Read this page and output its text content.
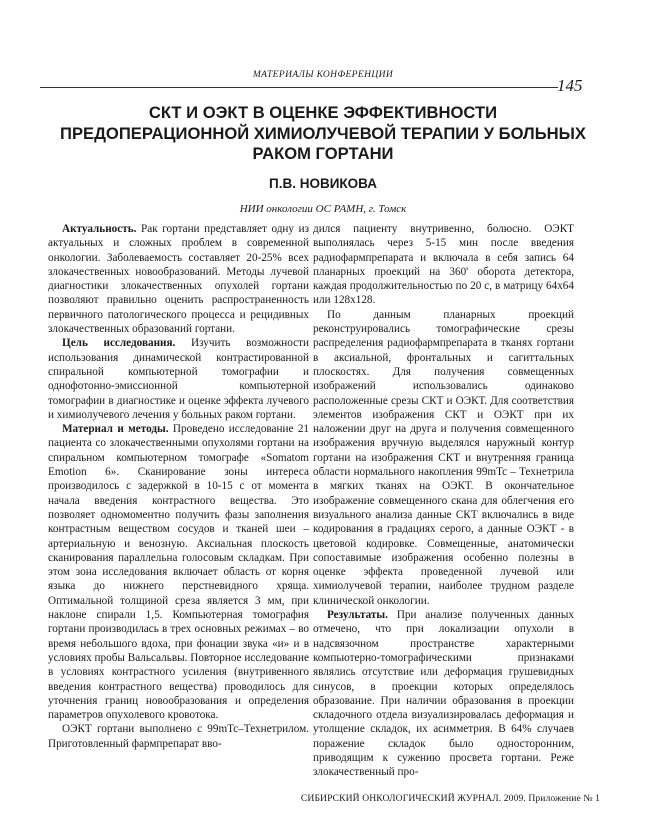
МАТЕРИАЛЫ КОНФЕРЕНЦИИ
145
СКТ И ОЭКТ В ОЦЕНКЕ ЭФФЕКТИВНОСТИ ПРЕДОПЕРАЦИОННОЙ ХИМИОЛУЧЕВОЙ ТЕРАПИИ У БОЛЬНЫХ РАКОМ ГОРТАНИ
П.В. НОВИКОВА
НИИ онкологии ОС РАМН, г. Томск

Актуальность. Рак гортани представляет одну из актуальных и сложных проблем в современной онкологии. Заболеваемость составляет 20-25% всех злокачественных новообразований. Методы лучевой диагностики злокачественных опухолей гортани позволяют правильно оценить распространенность первичного патологического процесса и рецидивных злокачественных образований гортани.

Цель исследования. Изучить возможности использования динамической контрастированной спиральной компьютерной томографии и однофотонно-эмиссионной компьютерной томографии в диагностике и оценке эффекта лучевого и химиолучевого лечения у больных раком гортани.

Материал и методы. Проведено исследование 21 пациента со злокачественными опухолями гортани на спиральном компьютерном томографе «Somatom Emotion 6». Сканирование зоны интереса производилось с задержкой в 10-15 с от момента начала введения контрастного вещества. Это позволяет одномоментно получить фазы заполнения контрастным веществом сосудов и тканей шеи – артериальную и венозную. Аксиальная плоскость сканирования параллельна голосовым складкам. При этом зона исследования включает область от корня языка до нижнего перстневидного хряща. Оптимальной толщиной среза является 3 мм, при наклоне спирали 1,5. Компьютерная томография гортани производилась в трех основных режимах – во время небольшого вдоха, при фонации звука «и» и в условиях пробы Вальсальвы. Повторное исследование в условиях контрастного усиления (внутривенного введения контрастного вещества) проводилось для уточнения границ новообразования и определения параметров опухолевого кровотока.

ОЭКТ гортани выполнено с 99mTc–Технетрилом. Приготовленный фармпрепарат вво-

дился пациенту внутривенно, болюсно. ОЭКТ выполнялась через 5-15 мин после введения радиофармпрепарата и включала в себя запись 64 планарных проекций на 360' оборота детектора, каждая продолжительностью по 20 с, в матрицу 64х64 или 128х128.

По данным планарных проекций реконструировались томографические срезы распределения радиофармпрепарата в тканях гортани в аксиальной, фронтальных и сагиттальных плоскостях. Для получения совмещенных изображений использовались одинаково расположенные срезы СКТ и ОЭКТ. Для соответствия элементов изображения СКТ и ОЭКТ при их наложении друг на друга и получения совмещенного изображения вручную выделялся наружный контур гортани на изображения СКТ и внутренняя граница области нормального накопления 99mTc – Технетрила в мягких тканях на ОЭКТ. В окончательное изображение совмещенного скана для облегчения его визуального анализа данные СКТ включались в виде кодирования в градациях серого, а данные ОЭКТ - в цветовой кодировке. Совмещенные, анатомически сопоставимые изображения особенно полезны в оценке эффекта проведенной лучевой или химиолучевой терапии, наиболее трудном разделе клинической онкологии.

Результаты. При анализе полученных данных отмечено, что при локализации опухоли в надсвязочном пространстве характерными компьютерно-томографическими признаками являлись отсутствие или деформация грушевидных синусов, в проекции которых определялось образование. При наличии образования в проекции складочного отдела визуализировалась деформация и утолщение складок, их асимметрия. В 64% случаев поражение складок было односторонним, приводящим к сужению просвета гортани. Реже злокачественный про-

СИБИРСКИЙ ОНКОЛОГИЧЕСКИЙ ЖУРНАЛ. 2009. Приложение № 1
